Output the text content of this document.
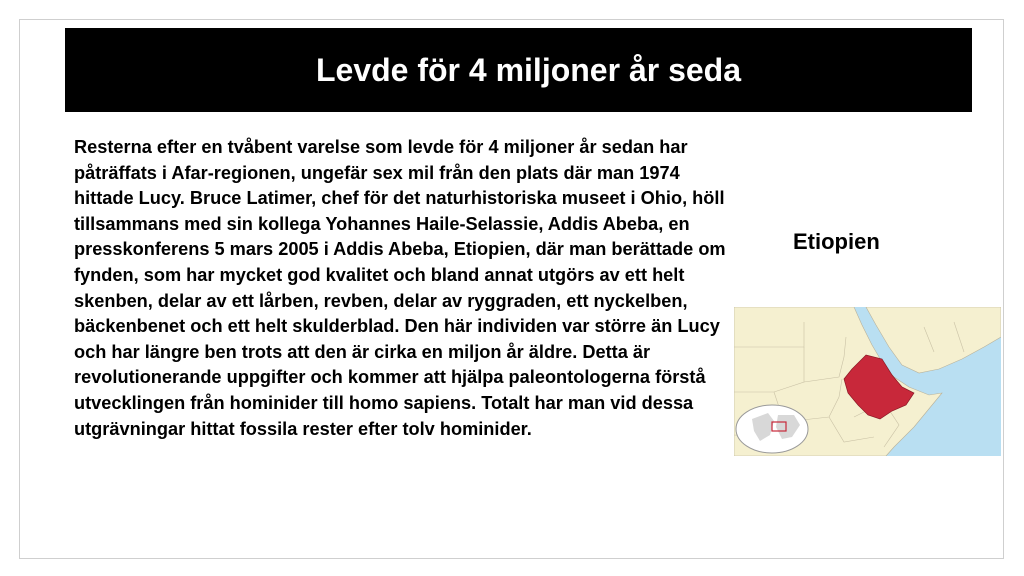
Levde för 4 miljoner år seda

Resterna efter en tvåbent varelse som levde för 4 miljoner år sedan har påträffats i Afar-regionen, ungefär sex mil från den plats där man 1974 hittade Lucy. Bruce Latimer, chef för det naturhistoriska museet i Ohio, höll tillsammans med sin kollega Yohannes Haile-Selassie, Addis Abeba, en presskonferens 5 mars 2005 i Addis Abeba, Etiopien, där man berättade om fynden, som har mycket god kvalitet och bland annat utgörs av ett helt skenben, delar av ett lårben, revben, delar av ryggraden, ett nyckelben, bäckenbenet och ett helt skulderblad. Den här individen var större än Lucy och har längre ben trots att den är cirka en miljon år äldre. Detta är revolutionerande uppgifter och kommer att hjälpa paleontologerna förstå utvecklingen från hominider till homo sapiens. Totalt har man vid dessa utgrävningar hittat fossila rester efter tolv hominider.

Etiopien
